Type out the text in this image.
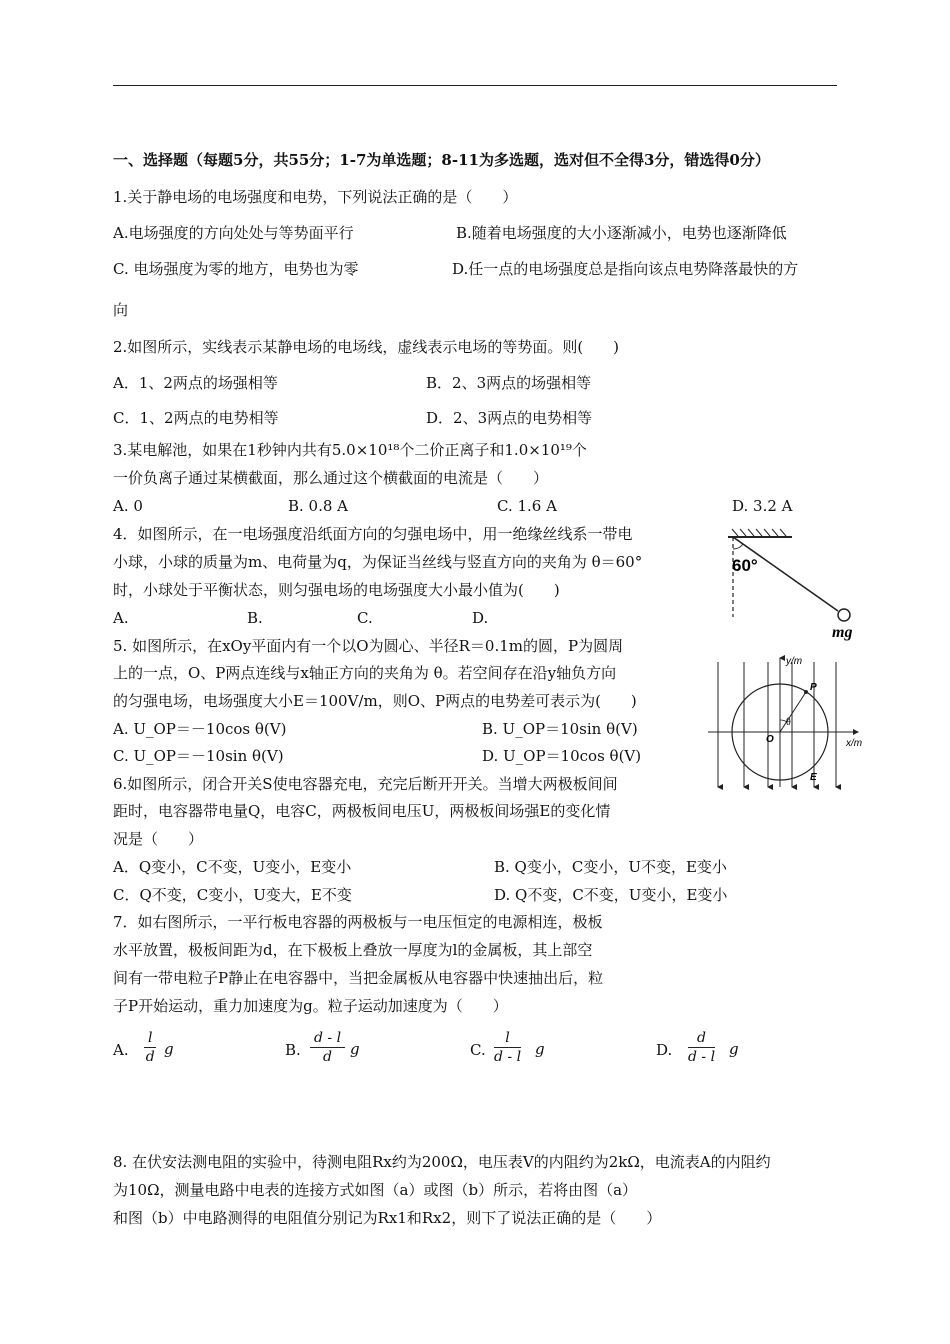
一、选择题（每题5分，共55分；1-7为单选题；8-11为多选题，选对但不全得3分，错选得0分）
1.关于静电场的电场强度和电势，下列说法正确的是（　　）
A.电场强度的方向处处与等势面平行	B.随着电场强度的大小逐渐减小，电势也逐渐降低
C. 电场强度为零的地方，电势也为零	D.任一点的电场强度总是指向该点电势降落最快的方
向
2.如图所示，实线表示某静电场的电场线，虚线表示电场的等势面。则(　　)
A．1、2两点的场强相等	B．2、3两点的场强相等
C．1、2两点的电势相等	D．2、3两点的电势相等
3.某电解池，如果在1秒钟内共有5.0×10¹⁸个二价正离子和1.0×10¹⁹个
一价负离子通过某横截面，那么通过这个横截面的电流是（　　）
A. 0	B. 0.8 A	C. 1.6 A	D. 3.2 A
4．如图所示，在一电场强度沿纸面方向的匀强电场中，用一绝缘丝线系一带电
小球，小球的质量为m、电荷量为q，为保证当丝线与竖直方向的夹角为 θ＝60°
时，小球处于平衡状态，则匀强电场的电场强度大小最小值为(　　)
A.	B.	C.	D.
60°
mg
5. 如图所示，在xOy平面内有一个以O为圆心、半径R＝0.1m的圆，P为圆周
上的一点，O、P两点连线与x轴正方向的夹角为 θ。若空间存在沿y轴负方向
的匀强电场，电场强度大小E＝100V/m，则O、P两点的电势差可表示为(　　)
A. U_OP＝－10cos θ(V)	B. U_OP＝10sin θ(V)
C. U_OP＝－10sin θ(V)	D. U_OP＝10cos θ(V)
y/m
x/m
O
P
θ
E
6.如图所示，闭合开关S使电容器充电，充完后断开开关。当增大两极板间间
距时，电容器带电量Q，电容C，两极板间电压U，两极板间场强E的变化情
况是（　　）
A．Q变小，C不变，U变小，E变小	B. Q变小，C变小，U不变，E变小
C．Q不变，C变小，U变大，E不变	D. Q不变，C不变，U变小，E变小
7．如右图所示，一平行板电容器的两极板与一电压恒定的电源相连，极板
水平放置，极板间距为d，在下极板上叠放一厚度为l的金属板，其上部空
间有一带电粒子P静止在电容器中，当把金属板从电容器中快速抽出后，粒
子P开始运动，重力加速度为g。粒子运动加速度为（　　）
A. $\frac{l}{d}$ g	B. $\frac{d - l}{d}$ g	C. $\frac{l}{d - l}$ g	D. $\frac{d}{d - l}$ g
8. 在伏安法测电阻的实验中，待测电阻Rx约为200Ω，电压表V的内阻约为2kΩ，电流表A的内阻约
为10Ω，测量电路中电表的连接方式如图（a）或图（b）所示，若将由图（a）
和图（b）中电路测得的电阻值分别记为Rx1和Rx2，则下了说法正确的是（　　）
